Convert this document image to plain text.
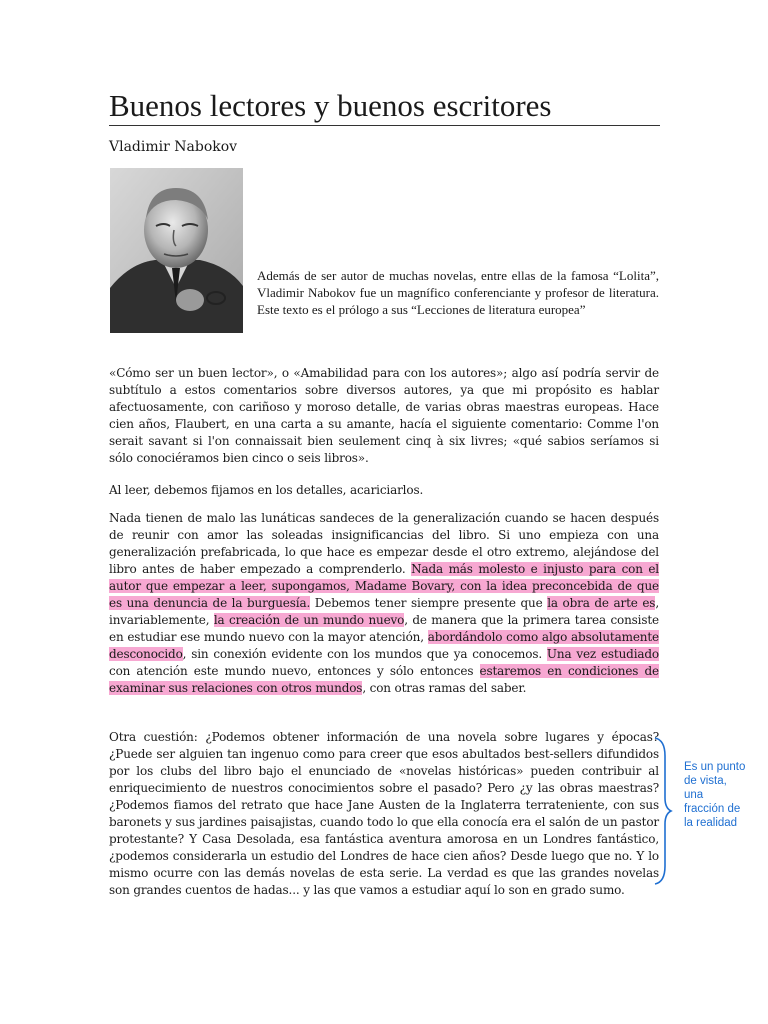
Buenos lectores y buenos escritores
Vladimir Nabokov

Además de ser autor de muchas novelas, entre ellas de la famosa “Lolita”, Vladimir Nabokov fue un magnífico conferenciante y profesor de literatura. Este texto es el prólogo a sus “Lecciones de literatura europea”

«Cómo ser un buen lector», o «Amabilidad para con los autores»; algo así podría servir de subtítulo a estos comentarios sobre diversos autores, ya que mi propósito es hablar afectuosamente, con cariñoso y moroso detalle, de varias obras maestras europeas. Hace cien años, Flaubert, en una carta a su amante, hacía el siguiente comentario: Comme l'on serait savant si l'on connaissait bien seulement cinq à six livres; «qué sabios seríamos si sólo conociéramos bien cinco o seis libros».

Al leer, debemos fijamos en los detalles, acariciarlos.

Nada tienen de malo las lunáticas sandeces de la generalización cuando se hacen después de reunir con amor las soleadas insignificancias del libro. Si uno empieza con una generalización prefabricada, lo que hace es empezar desde el otro extremo, alejándose del libro antes de haber empezado a comprenderlo. Nada más molesto e injusto para con el autor que empezar a leer, supongamos, Madame Bovary, con la idea preconcebida de que es una denuncia de la burguesía. Debemos tener siempre presente que la obra de arte es, invariablemente, la creación de un mundo nuevo, de manera que la primera tarea consiste en estudiar ese mundo nuevo con la mayor atención, abordándolo como algo absolutamente desconocido, sin conexión evidente con los mundos que ya conocemos. Una vez estudiado con atención este mundo nuevo, entonces y sólo entonces estaremos en condiciones de examinar sus relaciones con otros mundos, con otras ramas del saber.

Otra cuestión: ¿Podemos obtener información de una novela sobre lugares y épocas? ¿Puede ser alguien tan ingenuo como para creer que esos abultados best-sellers difundidos por los clubs del libro bajo el enunciado de «novelas históricas» pueden contribuir al enriquecimiento de nuestros conocimientos sobre el pasado? Pero ¿y las obras maestras? ¿Podemos fiamos del retrato que hace Jane Austen de la Inglaterra terrateniente, con sus baronets y sus jardines paisajistas, cuando todo lo que ella conocía era el salón de un pastor protestante? Y Casa Desolada, esa fantástica aventura amorosa en un Londres fantástico, ¿podemos considerarla un estudio del Londres de hace cien años? Desde luego que no. Y lo mismo ocurre con las demás novelas de esta serie. La verdad es que las grandes novelas son grandes cuentos de hadas... y las que vamos a estudiar aquí lo son en grado sumo.

Es un punto
de vista,
una
fracción de
la realidad
